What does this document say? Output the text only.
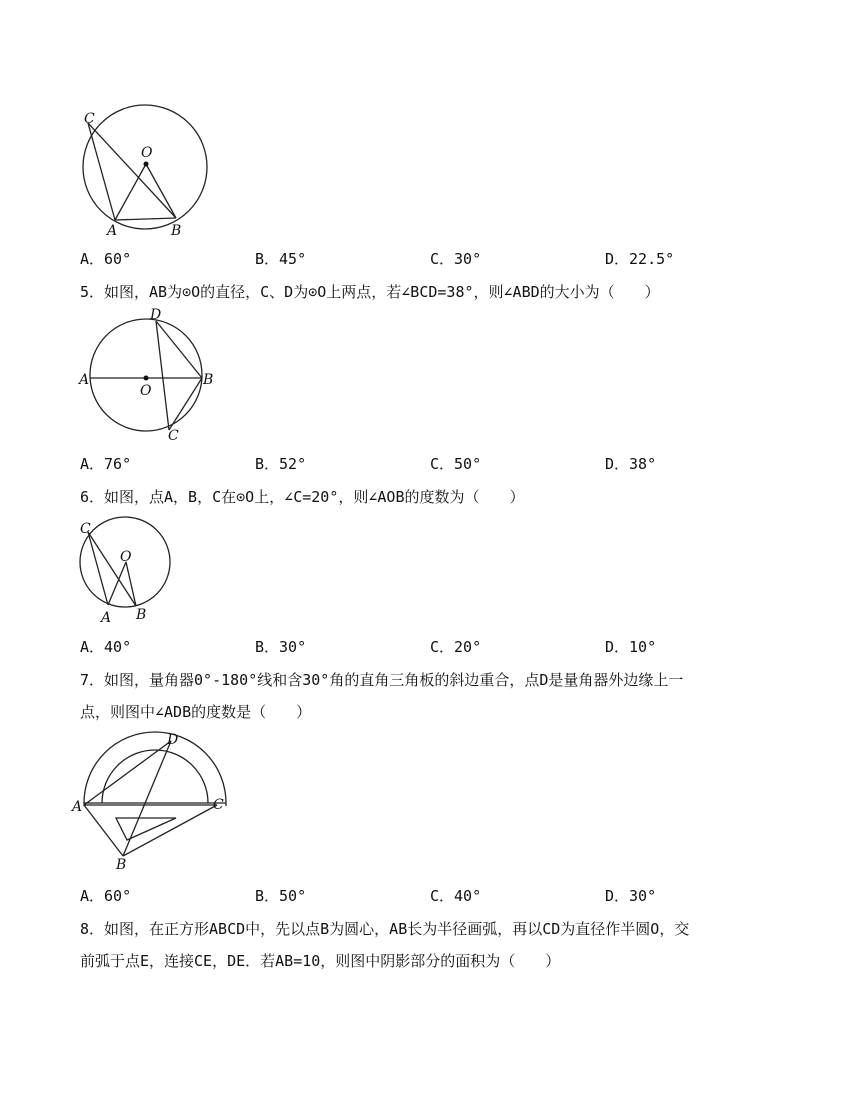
C
O
A	B
A．60°	B．45°	C．30°	D．22.5°
5．如图，AB为⊙O的直径，C、D为⊙O上两点，若∠BCD=38°，则∠ABD的大小为（　　）
A	B
D
C
O
A．76°	B．52°	C．50°	D．38°
6．如图，点A，B，C在⊙O上，∠C=20°，则∠AOB的度数为（　　）
C
O
A B
A．40°	B．30°	C．20°	D．10°
7．如图，量角器0°-180°线和含30°角的直角三角板的斜边重合，点D是量角器外边缘上一
点，则图中∠ADB的度数是（　　）
A	C
B
D
A．60°	B．50°	C．40°	D．30°
8．如图，在正方形ABCD中，先以点B为圆心，AB长为半径画弧，再以CD为直径作半圆O，交
前弧于点E，连接CE，DE．若AB=10，则图中阴影部分的面积为（　　）
